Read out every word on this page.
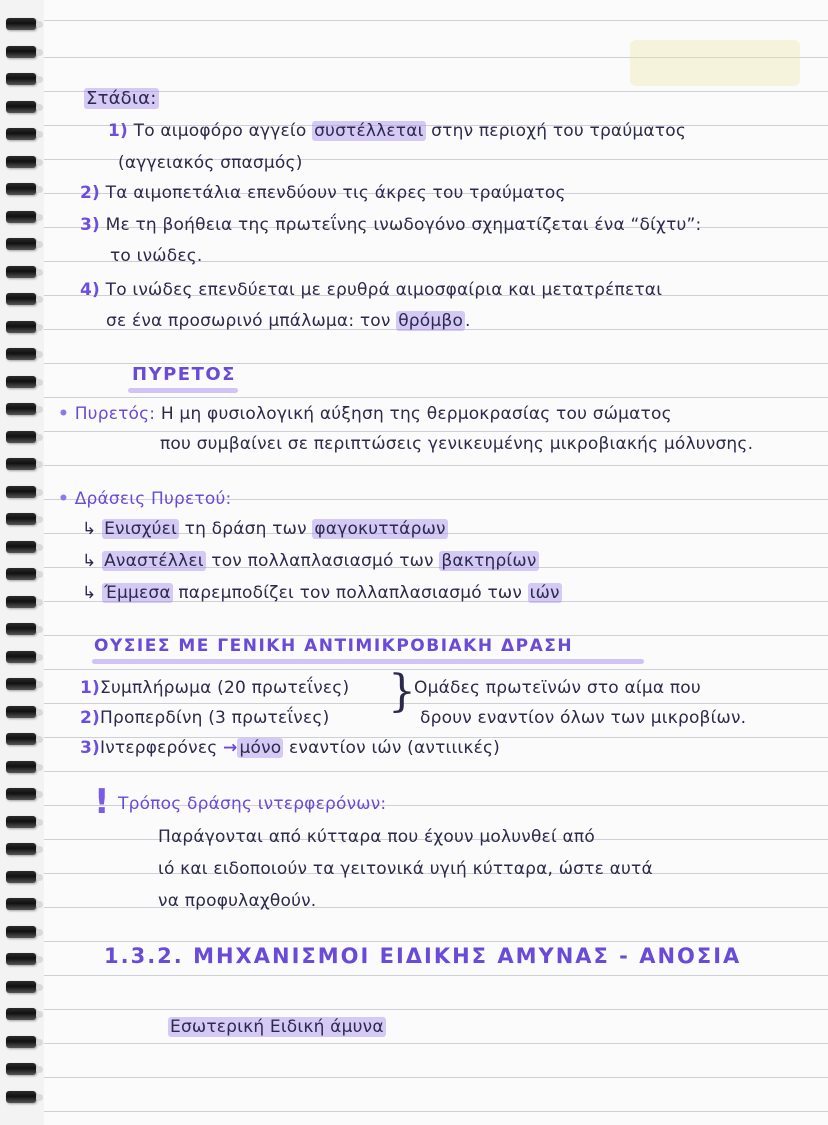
Στάδια:
1) Το αιμοφόρο αγγείο συστέλλεται στην περιοχή του τραύματος
(αγγειακός σπασμός)
2) Τα αιμοπετάλια επενδύουν τις άκρες του τραύματος
3) Με τη βοήθεια της πρωτεΐνης ινωδογόνο σχηματίζεται ένα “δίχτυ”:
το ινώδες.
4) Το ινώδες επενδύεται με ερυθρά αιμοσφαίρια και μετατρέπεται
σε ένα προσωρινό μπάλωμα: τον θρόμβο .
ΠΥΡΕΤΟΣ
• Πυρετός: Η μη φυσιολογική αύξηση της θερμοκρασίας του σώματος
που συμβαίνει σε περιπτώσεις γενικευμένης μικροβιακής μόλυνσης.
• Δράσεις Πυρετού:
↳ Ενισχύει τη δράση των φαγοκυττάρων
↳ Αναστέλλει τον πολλαπλασιασμό των βακτηρίων
↳ Έμμεσα παρεμποδίζει τον πολλαπλασιασμό των ιών
ΟΥΣΙΕΣ ΜΕ ΓΕΝΙΚΗ ΑΝΤΙΜΙΚΡΟΒΙΑΚΗ ΔΡΑΣΗ
1)Συμπλήρωμα (20 πρωτεΐνες)
2)Προπερδίνη (3 πρωτεΐνες)
}
Ομάδες πρωτεϊνών στο αίμα που
δρουν εναντίον όλων των μικροβίων.
3)Ιντερφερόνες → μόνο εναντίον ιών (αντιιικές)
! Τρόπος δράσης ιντερφερόνων:
Παράγονται από κύτταρα που έχουν μολυνθεί από
ιό και ειδοποιούν τα γειτονικά υγιή κύτταρα, ώστε αυτά
να προφυλαχθούν.
1.3.2. ΜΗΧΑΝΙΣΜΟΙ ΕΙΔΙΚΗΣ ΑΜΥΝΑΣ - ΑΝΟΣΙΑ
Εσωτερική Ειδική άμυνα
